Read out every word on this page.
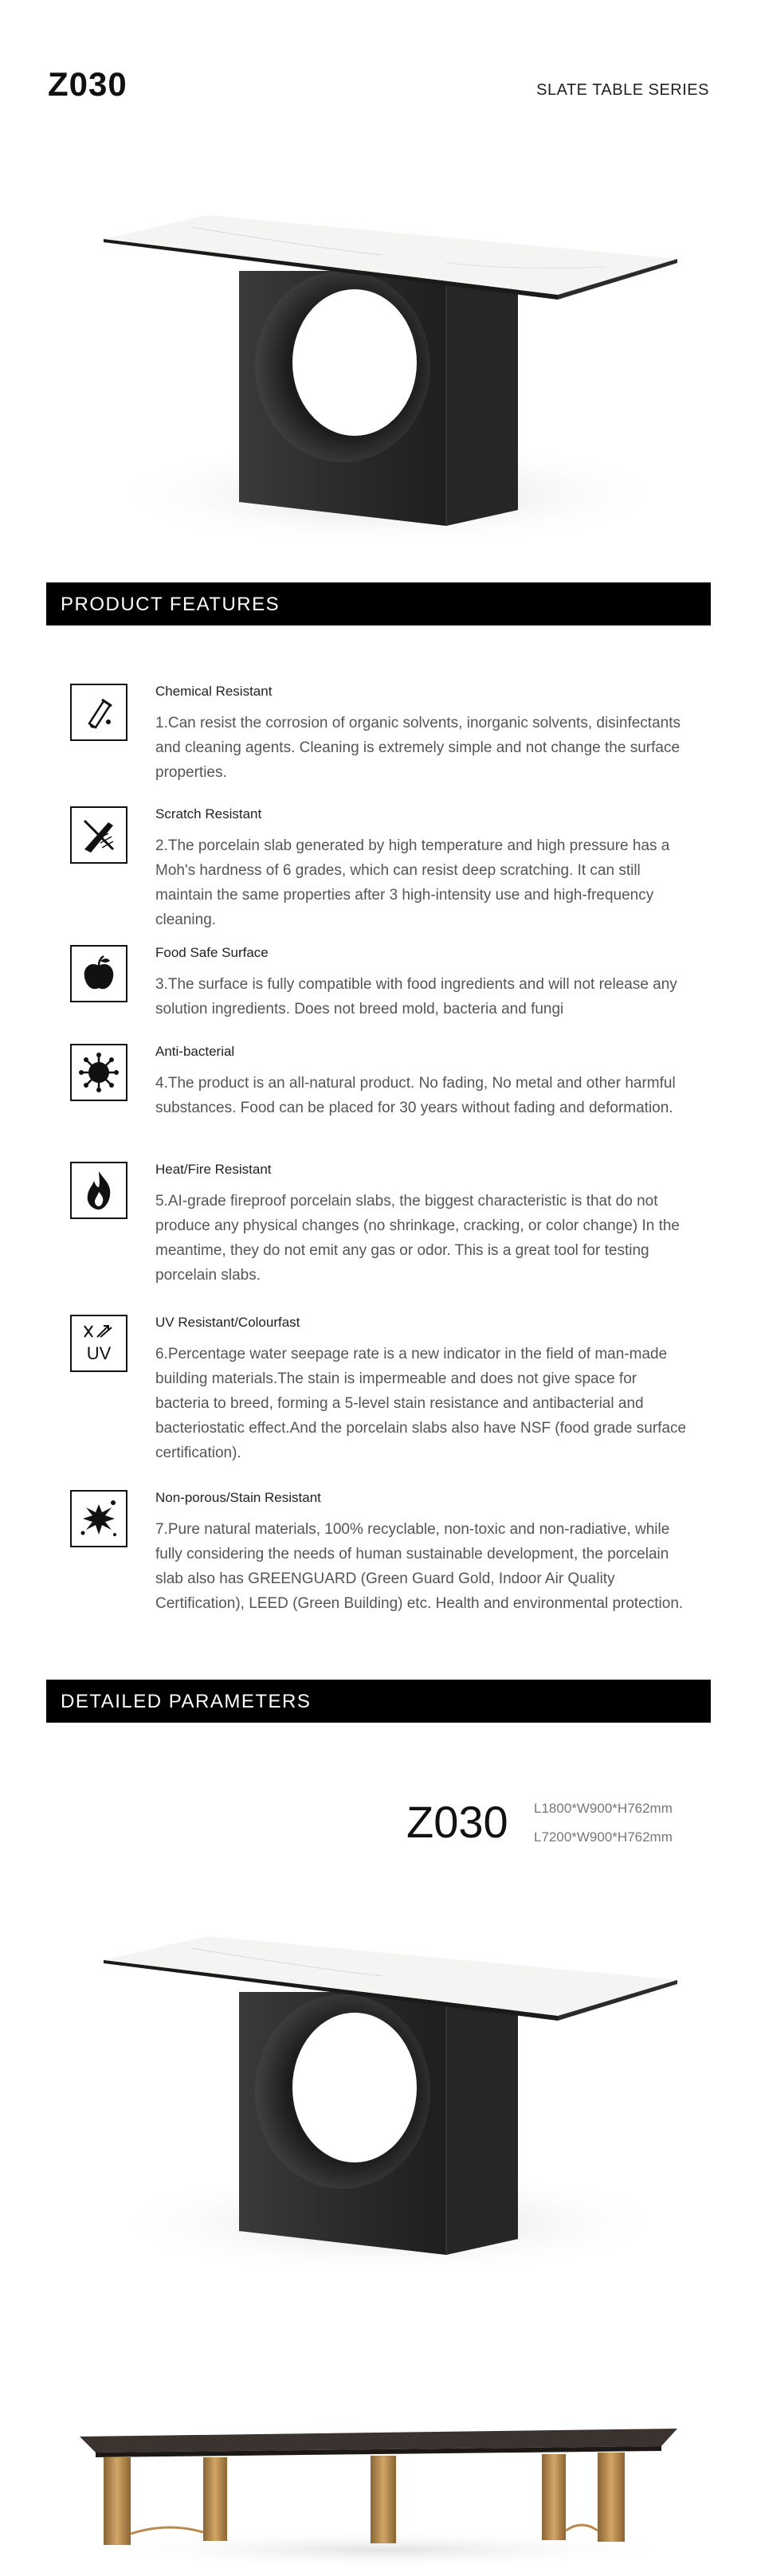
Z030	SLATE TABLE SERIES
PRODUCT FEATURES
Chemical Resistant
1.Can resist the corrosion of organic solvents, inorganic solvents, disinfectants and cleaning agents. Cleaning is extremely simple and not change the surface properties.
Scratch Resistant
2.The porcelain slab generated by high temperature and high pressure has a Moh's hardness of 6 grades, which can resist deep scratching. It can still maintain the same properties after 3 high-intensity use and high-frequency cleaning.
Food Safe Surface
3.The surface is fully compatible with food ingredients and will not release any solution ingredients. Does not breed mold, bacteria and fungi
Anti-bacterial
4.The product is an all-natural product. No fading, No metal and other harmful substances. Food can be placed for 30 years without fading and deformation.
Heat/Fire Resistant
5.AI-grade fireproof porcelain slabs, the biggest characteristic is that do not produce any physical changes (no shrinkage, cracking, or color change) In the meantime, they do not emit any gas or odor. This is a great tool for testing porcelain slabs.
UV
UV Resistant/Colourfast
6.Percentage water seepage rate is a new indicator in the field of man-made building materials.The stain is impermeable and does not give space for bacteria to breed, forming a 5-level stain resistance and antibacterial and bacteriostatic effect.And the porcelain slabs also have NSF (food grade surface certification).
Non-porous/Stain Resistant
7.Pure natural materials, 100% recyclable, non-toxic and non-radiative, while fully considering the needs of human sustainable development, the porcelain slab also has GREENGUARD (Green Guard Gold, Indoor Air Quality Certification), LEED (Green Building) etc. Health and environmental protection.
DETAILED PARAMETERS
Z030 L1800*W900*H762mm
L7200*W900*H762mm
